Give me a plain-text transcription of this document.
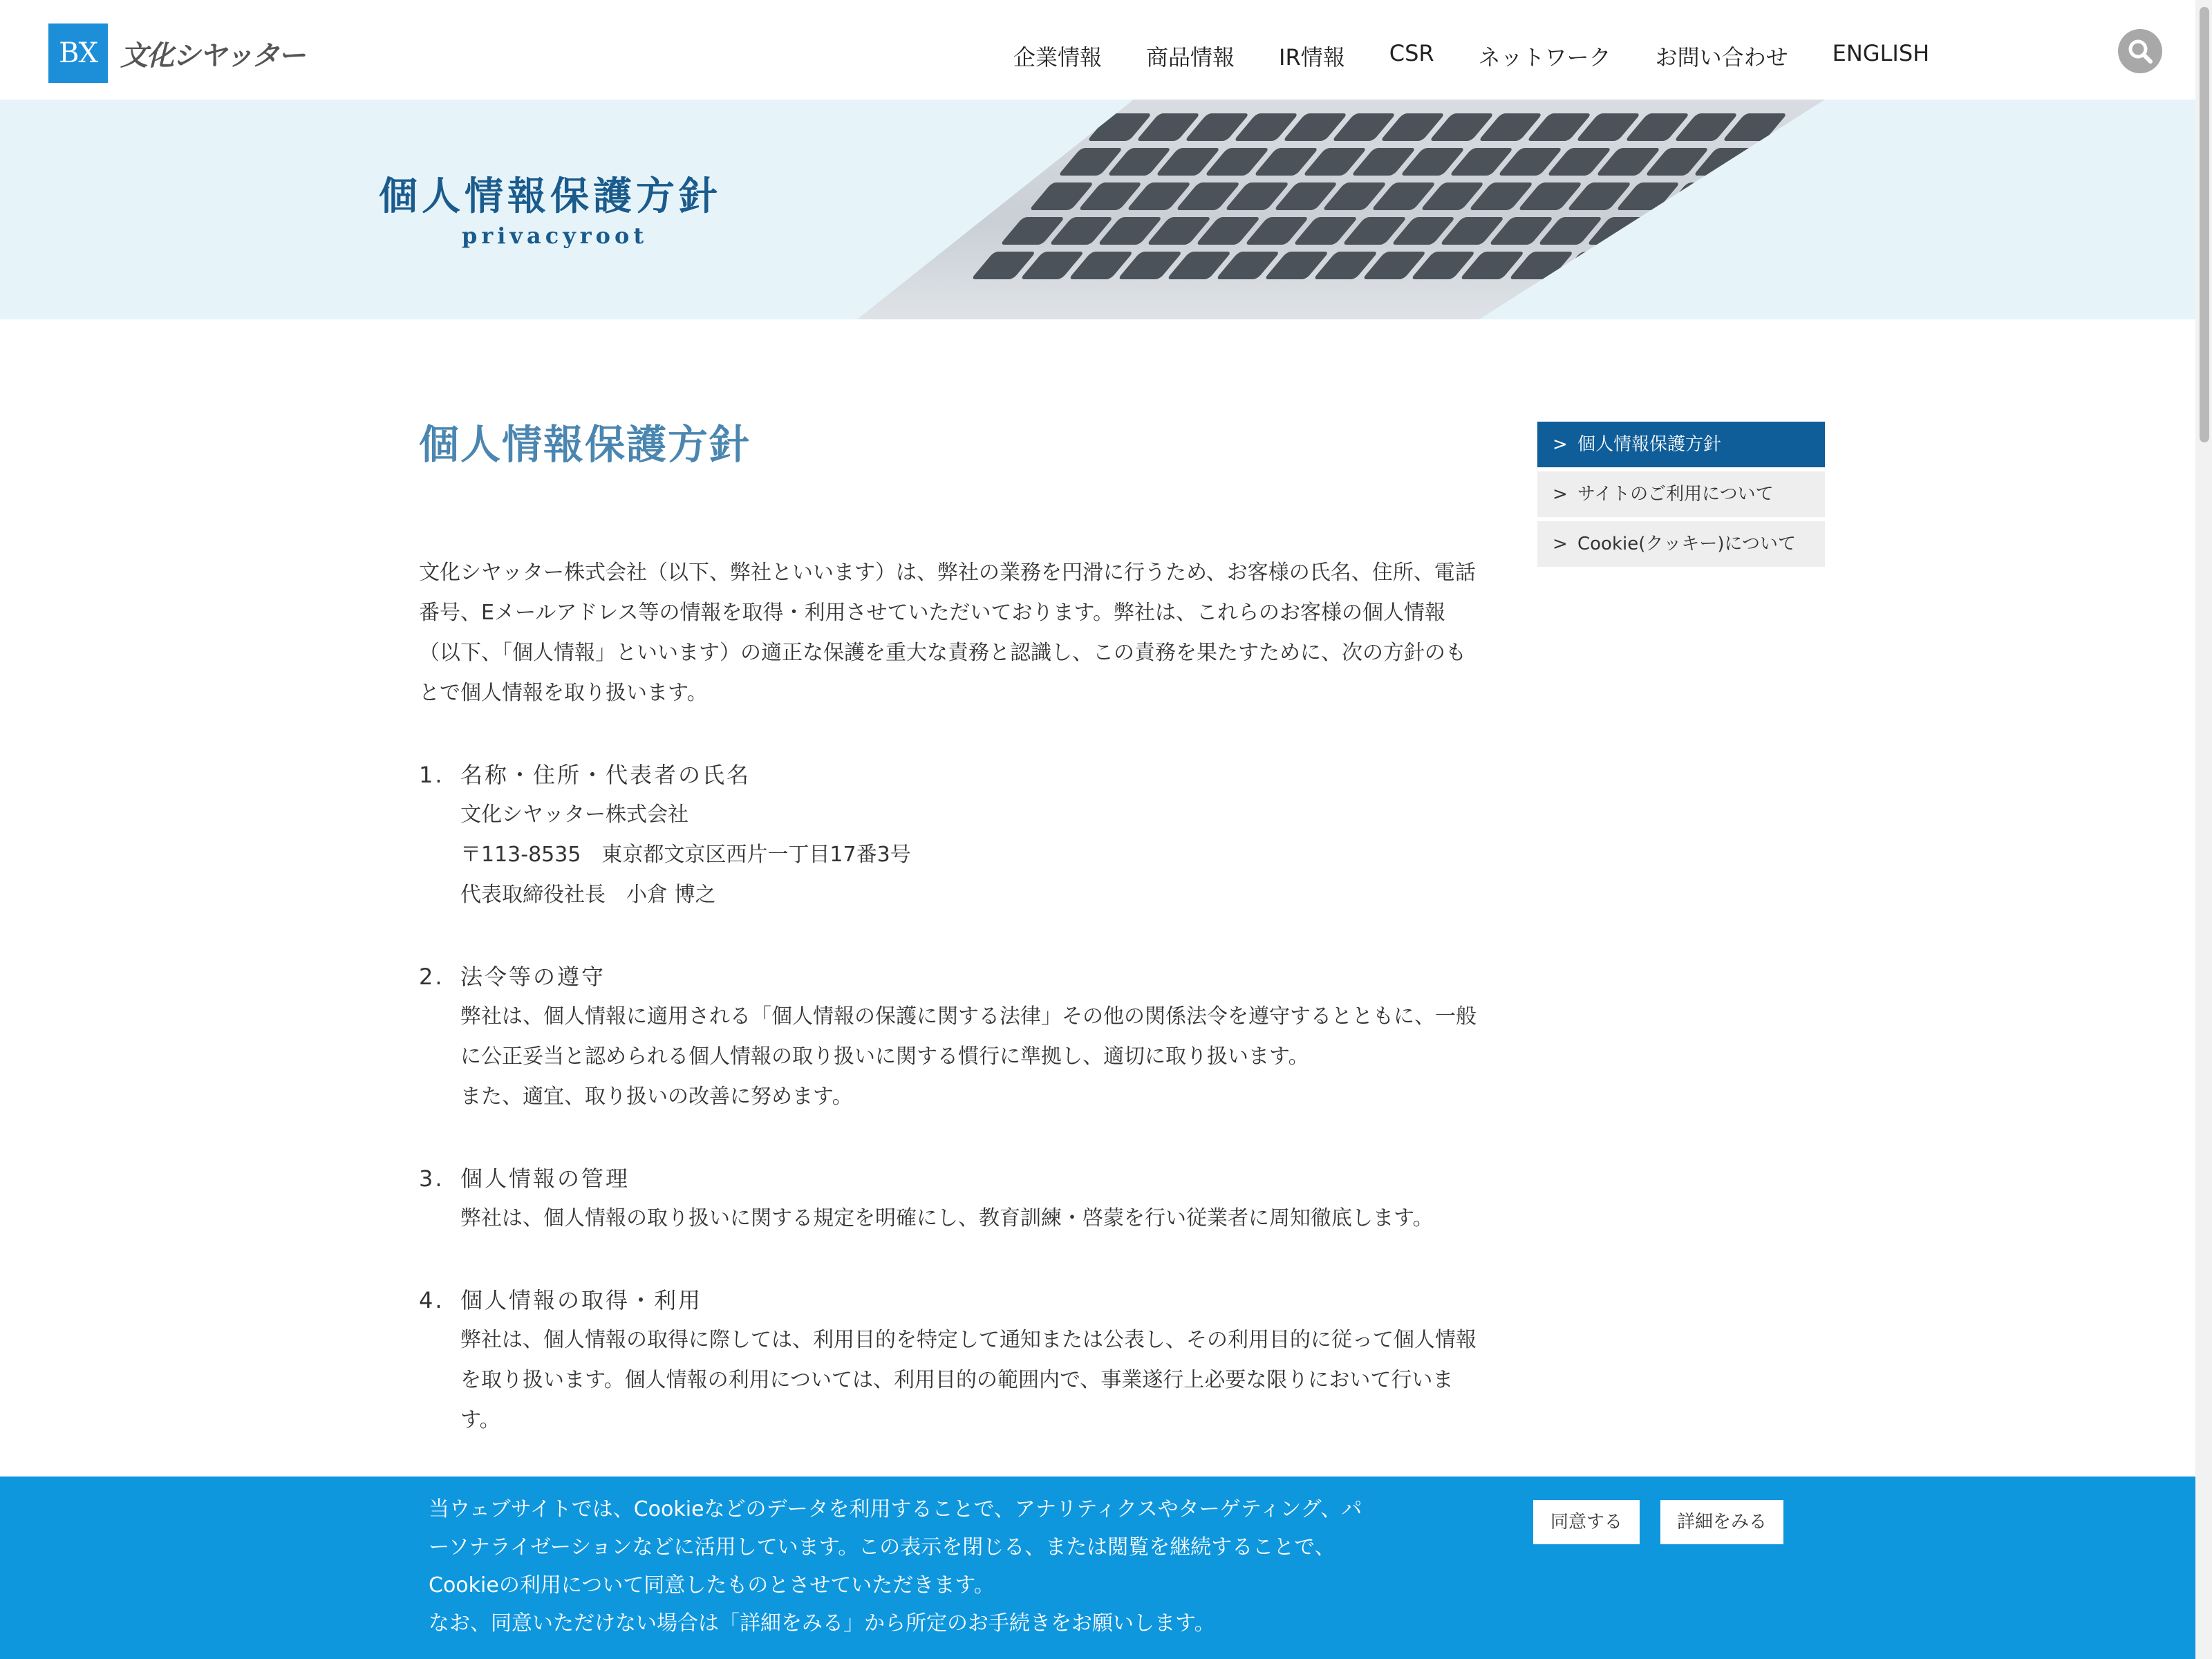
BX 文化シヤッター	企業情報 商品情報 IR情報 CSR ネットワーク お問い合わせ ENGLISH
個人情報保護方針
privacyroot
個人情報保護方針

文化シヤッター株式会社（以下、弊社といいます）は、弊社の業務を円滑に行うため、お客様の氏名、住所、電話番号、Eメールアドレス等の情報を取得・利用させていただいております。弊社は、これらのお客様の個人情報（以下、「個人情報」といいます）の適正な保護を重大な責務と認識し、この責務を果たすために、次の方針のもとで個人情報を取り扱います。

1. 名称・住所・代表者の氏名

文化シヤッター株式会社

〒113-8535　東京都文京区西片一丁目17番3号

代表取締役社長　小倉 博之

2. 法令等の遵守

弊社は、個人情報に適用される「個人情報の保護に関する法律」その他の関係法令を遵守するとともに、一般に公正妥当と認められる個人情報の取り扱いに関する慣行に準拠し、適切に取り扱います。

また、適宜、取り扱いの改善に努めます。

3. 個人情報の管理

弊社は、個人情報の取り扱いに関する規定を明確にし、教育訓練・啓蒙を行い従業者に周知徹底します。

4. 個人情報の取得・利用

弊社は、個人情報の取得に際しては、利用目的を特定して通知または公表し、その利用目的に従って個人情報を取り扱います。個人情報の利用については、利用目的の範囲内で、事業遂行上必要な限りにおいて行います。

> 個人情報保護方針
> サイトのご利用について
> Cookie(クッキー)について

当ウェブサイトでは、Cookieなどのデータを利用することで、アナリティクスやターゲティング、パ

ーソナライゼーションなどに活用しています。この表示を閉じる、または閲覧を継続することで、

Cookieの利用について同意したものとさせていただきます。

なお、同意いただけない場合は「詳細をみる」から所定のお手続きをお願いします。

同意する	詳細をみる
